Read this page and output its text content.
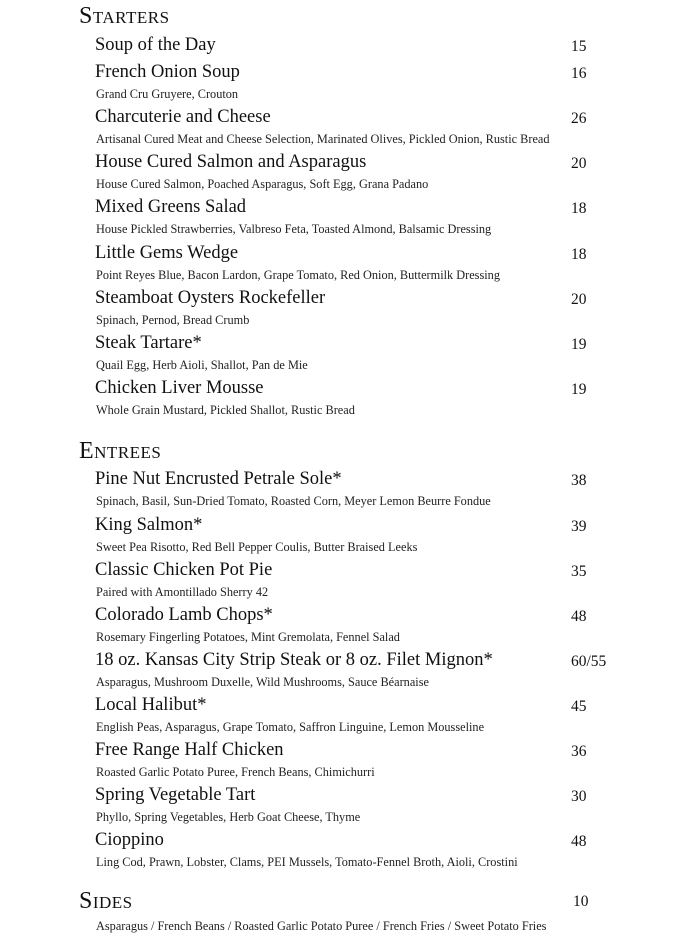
Starters
Soup of the Day	15
French Onion Soup	16
Grand Cru Gruyere, Crouton
Charcuterie and Cheese	26
Artisanal Cured Meat and Cheese Selection, Marinated Olives, Pickled Onion, Rustic Bread
House Cured Salmon and Asparagus	20
House Cured Salmon, Poached Asparagus, Soft Egg, Grana Padano
Mixed Greens Salad	18
House Pickled Strawberries, Valbreso Feta, Toasted Almond, Balsamic Dressing
Little Gems Wedge	18
Point Reyes Blue, Bacon Lardon, Grape Tomato, Red Onion, Buttermilk Dressing
Steamboat Oysters Rockefeller	20
Spinach, Pernod, Bread Crumb
Steak Tartare*	19
Quail Egg, Herb Aioli, Shallot, Pan de Mie
Chicken Liver Mousse	19
Whole Grain Mustard, Pickled Shallot, Rustic Bread
Entrees
Pine Nut Encrusted Petrale Sole*	38
Spinach, Basil, Sun-Dried Tomato, Roasted Corn, Meyer Lemon Beurre Fondue
King Salmon*	39
Sweet Pea Risotto, Red Bell Pepper Coulis, Butter Braised Leeks
Classic Chicken Pot Pie	35
Paired with Amontillado Sherry 42
Colorado Lamb Chops*	48
Rosemary Fingerling Potatoes, Mint Gremolata, Fennel Salad
18 oz. Kansas City Strip Steak or 8 oz. Filet Mignon*	60/55
Asparagus, Mushroom Duxelle, Wild Mushrooms, Sauce Béarnaise
Local Halibut*	45
English Peas, Asparagus, Grape Tomato, Saffron Linguine, Lemon Mousseline
Free Range Half Chicken	36
Roasted Garlic Potato Puree, French Beans, Chimichurri
Spring Vegetable Tart	30
Phyllo, Spring Vegetables, Herb Goat Cheese, Thyme
Cioppino	48
Ling Cod, Prawn, Lobster, Clams, PEI Mussels, Tomato-Fennel Broth, Aioli, Crostini
Sides	10
Asparagus / French Beans / Roasted Garlic Potato Puree / French Fries / Sweet Potato Fries
